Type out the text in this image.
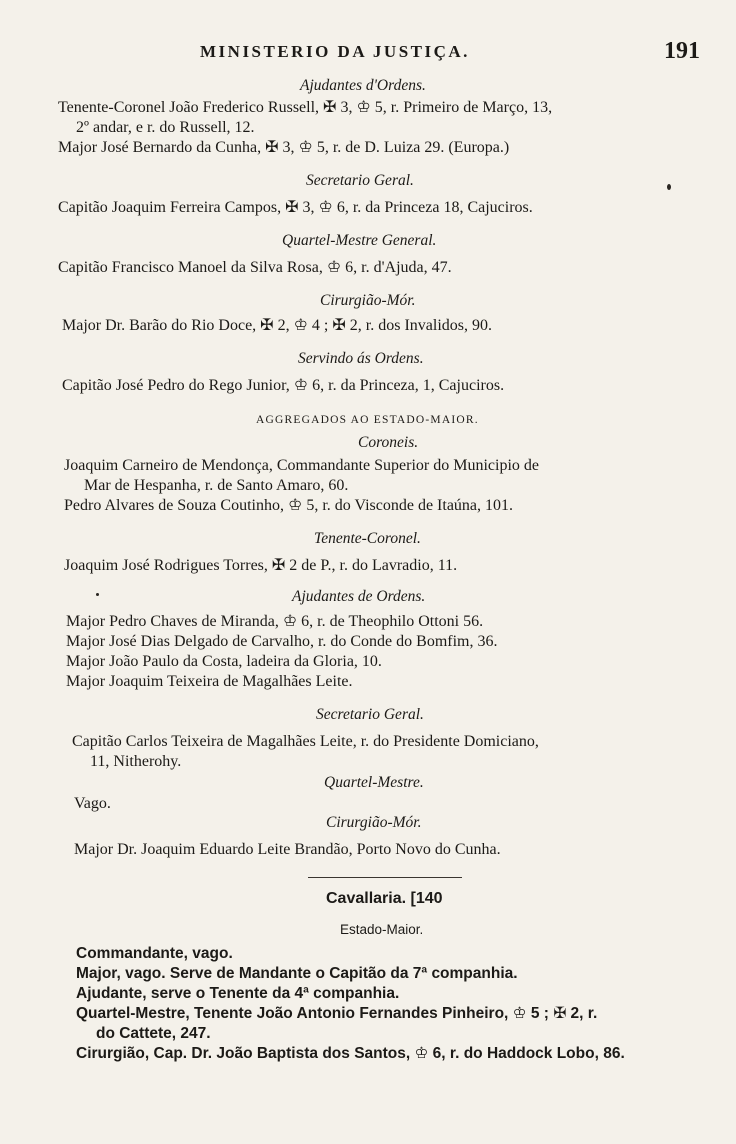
MINISTERIO DA JUSTIÇA.	191
Ajudantes d'Ordens.
Tenente-Coronel João Frederico Russell, ✠ 3, ♔ 5, r. Primeiro de Março, 13,
2º andar, e r. do Russell, 12.
Major José Bernardo da Cunha, ✠ 3, ♔ 5, r. de D. Luiza 29. (Europa.)
Secretario Geral.
Capitão Joaquim Ferreira Campos, ✠ 3, ♔ 6, r. da Princeza 18, Cajuciros.
Quartel-Mestre General.
Capitão Francisco Manoel da Silva Rosa, ♔ 6, r. d'Ajuda, 47.
Cirurgião-Mór.
Major Dr. Barão do Rio Doce, ✠ 2, ♔ 4 ; ✠ 2, r. dos Invalidos, 90.
Servindo ás Ordens.
Capitão José Pedro do Rego Junior, ♔ 6, r. da Princeza, 1, Cajuciros.
AGGREGADOS AO ESTADO-MAIOR.
Coroneis.
Joaquim Carneiro de Mendonça, Commandante Superior do Municipio de
Mar de Hespanha, r. de Santo Amaro, 60.
Pedro Alvares de Souza Coutinho, ♔ 5, r. do Visconde de Itaúna, 101.
Tenente-Coronel.
Joaquim José Rodrigues Torres, ✠ 2 de P., r. do Lavradio, 11.
Ajudantes de Ordens.
Major Pedro Chaves de Miranda, ♔ 6, r. de Theophilo Ottoni 56.
Major José Dias Delgado de Carvalho, r. do Conde do Bomfim, 36.
Major João Paulo da Costa, ladeira da Gloria, 10.
Major Joaquim Teixeira de Magalhães Leite.
Secretario Geral.
Capitão Carlos Teixeira de Magalhães Leite, r. do Presidente Domiciano,
11, Nitherohy.
Quartel-Mestre.
Vago.
Cirurgião-Mór.
Major Dr. Joaquim Eduardo Leite Brandão, Porto Novo do Cunha.
Cavallaria. [140
Estado-Maior.
Commandante, vago.
Major, vago. Serve de Mandante o Capitão da 7ª companhia.
Ajudante, serve o Tenente da 4ª companhia.
Quartel-Mestre, Tenente João Antonio Fernandes Pinheiro, ♔ 5 ; ✠ 2, r.
do Cattete, 247.
Cirurgião, Cap. Dr. João Baptista dos Santos, ♔ 6, r. do Haddock Lobo, 86.
